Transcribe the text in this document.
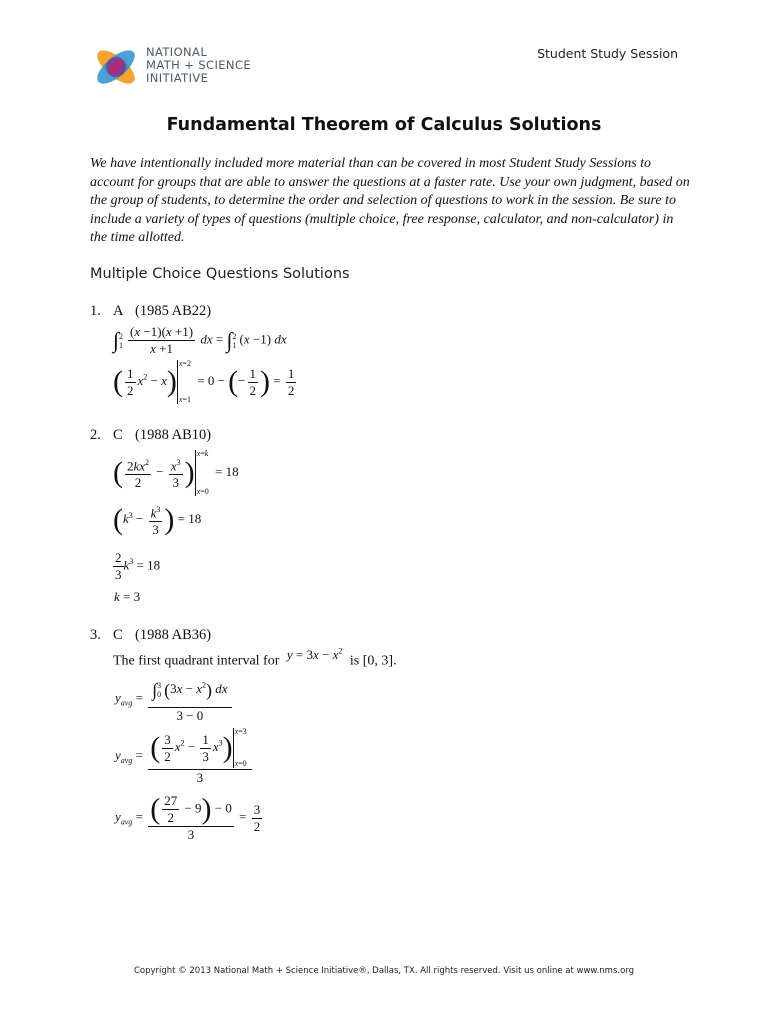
NATIONAL
MATH + SCIENCE
INITIATIVE
Student Study Session
Fundamental Theorem of Calculus Solutions
We have intentionally included more material than can be covered in most Student Study Sessions to account for groups that are able to answer the questions at a faster rate. Use your own judgment, based on the group of students, to determine the order and selection of questions to work in the session. Be sure to include a variety of types of questions (multiple choice, free response, calculator, and non-calculator) in the time allotted.
Multiple Choice Questions Solutions
1. A (1985 AB22)
∫ 2
$1 \frac{(x -1)(x +1)}{x +1}$ dx = ∫ 2
1 (x −1) dx
( $\frac{1}{2} x^2 - x$)
x=2
x=1
= 0 − (− $\frac{1}{2}$ ) = $\frac{1}{2}$
2. C (1988 AB10)
( $\frac{2kx^2}{2} - \frac{x^3}{3}$ )
x=k
x=0
= 18
($k^3 - \frac{k^3}{3}$ ) = 18
$\frac{2}{3} k^3 = 18$
k = 3
3. C (1988 AB36)
The first quadrant interval for $y = 3x - x^2$ is [0, 3].
$y_{avg}$ = ∫ 3
0 $(3x - x^2)$ dx
3 − 0
$y_{avg}$ = ( $\frac{3}{2} x^2 - \frac{1}{3} x^3$) x=3
x=0
3
$y_{avg} = \frac{( \frac{27}{2} - 9) - 0}{3} = \frac{3}{2}$
Copyright © 2013 National Math + Science Initiative®, Dallas, TX. All rights reserved. Visit us online at www.nms.org
